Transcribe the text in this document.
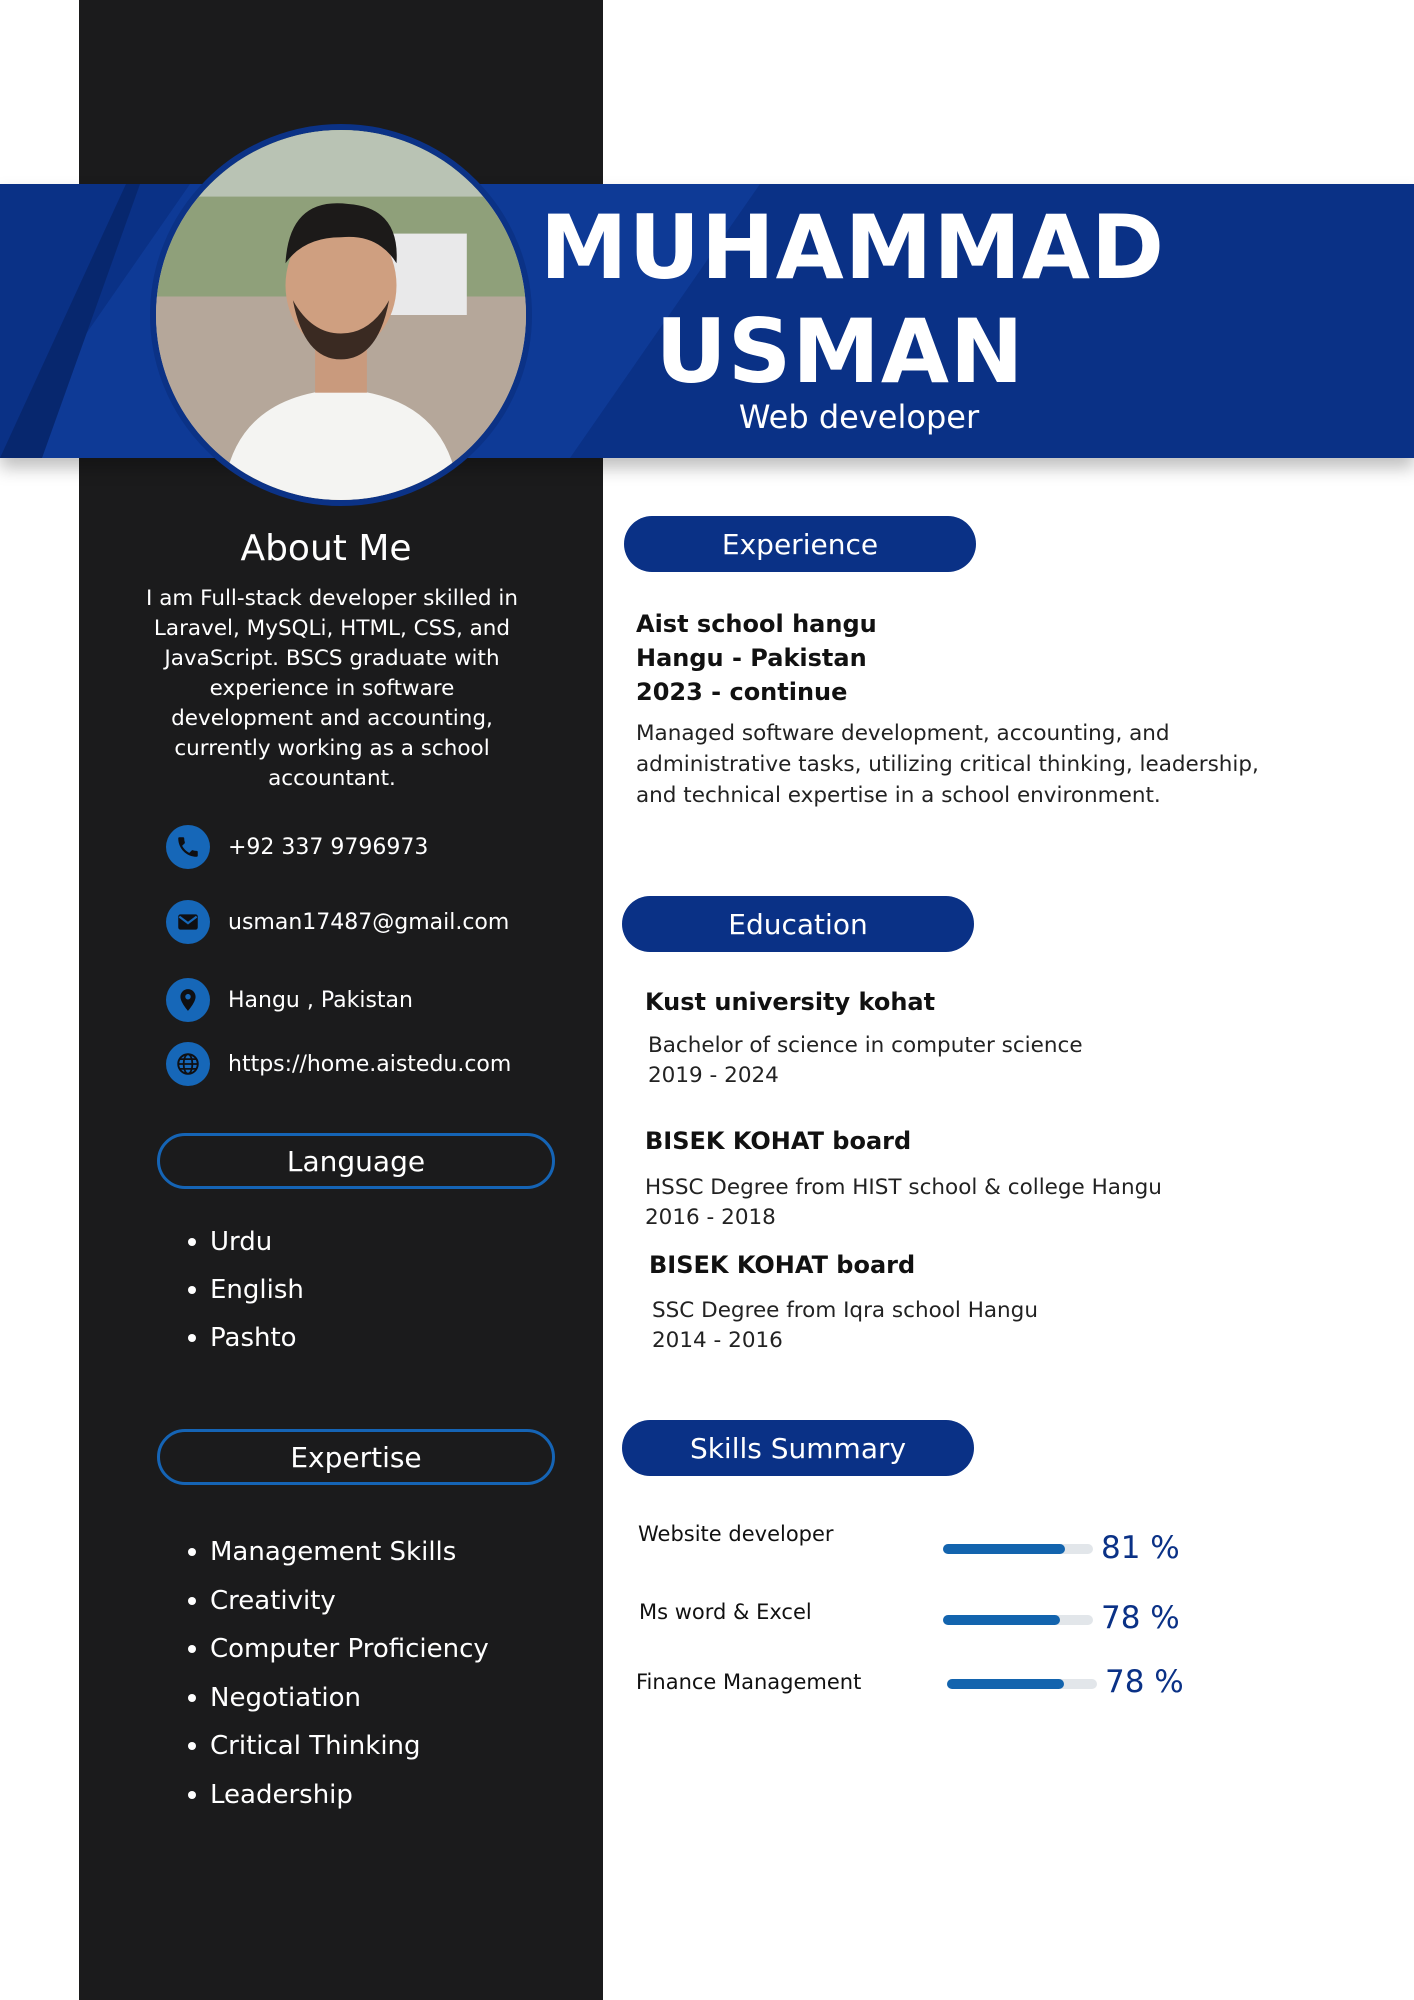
MUHAMMAD
USMAN
Web developer
About Me
I am Full-stack developer skilled in Laravel, MySQLi, HTML, CSS, and JavaScript. BSCS graduate with experience in software development and accounting, currently working as a school accountant.
+92 337 9796973
usman17487@gmail.com
Hangu , Pakistan
https://home.aistedu.com
Language
Urdu
English
Pashto
Expertise
Management Skills
Creativity
Computer Proficiency
Negotiation
Critical Thinking
Leadership
Experience
Aist school hangu
Hangu - Pakistan
2023 - continue
Managed software development, accounting, and
administrative tasks, utilizing critical thinking, leadership,
and technical expertise in a school environment.
Education
Kust university kohat
Bachelor of science in computer science
2019 - 2024
BISEK KOHAT board
HSSC Degree from HIST school & college Hangu
2016 - 2018
BISEK KOHAT board
SSC Degree from Iqra school Hangu
2014 - 2016
Skills Summary
Website developer	81 %
Ms word & Excel	78 %
Finance Management	78 %
